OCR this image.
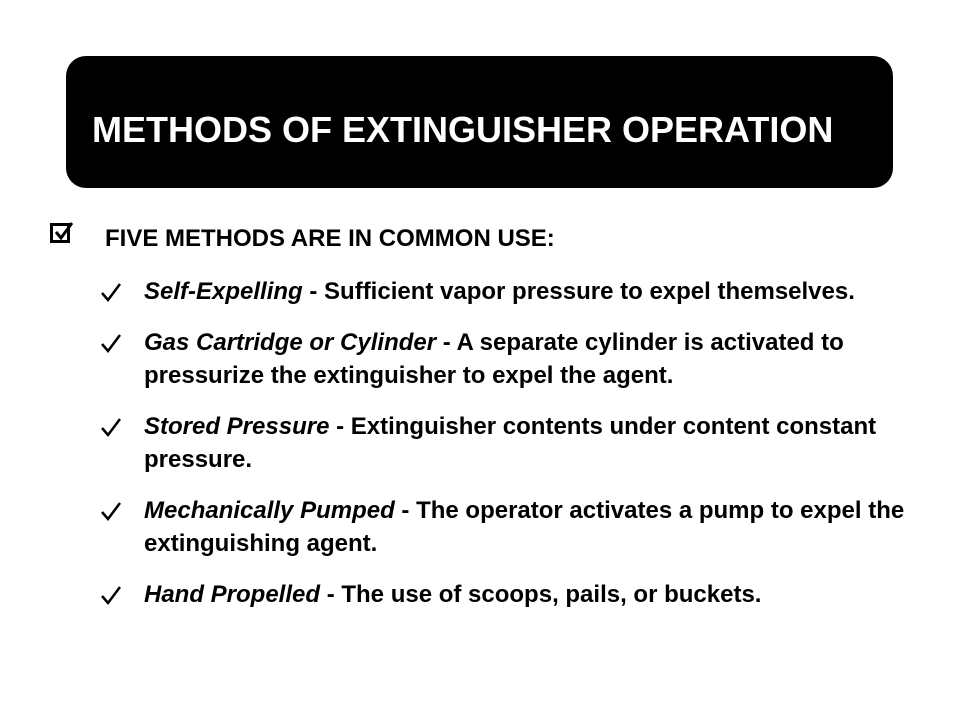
METHODS OF EXTINGUISHER OPERATION
FIVE METHODS ARE IN COMMON USE:
Self-Expelling - Sufficient vapor pressure to expel themselves.
Gas Cartridge or Cylinder - A separate cylinder is activated to pressurize the extinguisher to expel the agent.
Stored Pressure - Extinguisher contents under content constant pressure.
Mechanically Pumped - The operator activates a pump to expel the extinguishing agent.
Hand Propelled - The use of scoops, pails, or buckets.
